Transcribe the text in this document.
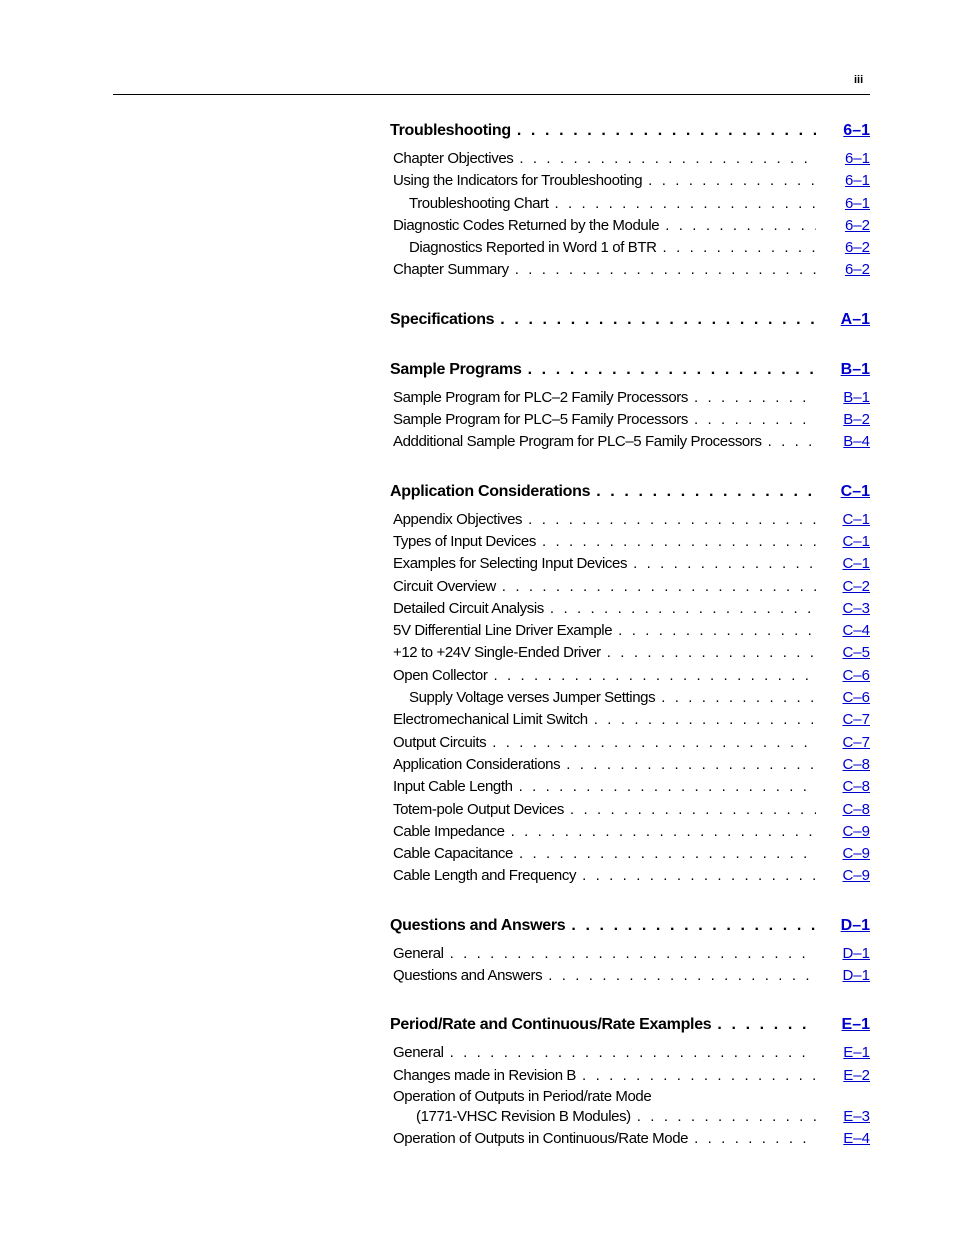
iii
Troubleshooting . . .	6–1
Chapter Objectives . . .	6–1
Using the Indicators for Troubleshooting . . .	6–1
Troubleshooting Chart . . .	6–1
Diagnostic Codes Returned by the Module . . .	6–2
Diagnostics Reported in Word 1 of BTR . . .	6–2
Chapter Summary . . .	6–2
Specifications . . .	A–1
Sample Programs . . .	B–1
Sample Program for PLC–2 Family Processors . . .	B–1
Sample Program for PLC–5 Family Processors . . .	B–2
Addditional Sample Program for PLC–5 Family Processors . . .	B–4
Application Considerations . . .	C–1
Appendix Objectives . . .	C–1
Types of Input Devices . . .	C–1
Examples for Selecting Input Devices . . .	C–1
Circuit Overview . . .	C–2
Detailed Circuit Analysis . . .	C–3
5V Differential Line Driver Example . . .	C–4
+12 to +24V Single-Ended Driver . . .	C–5
Open Collector . . .	C–6
Supply Voltage verses Jumper Settings . . .	C–6
Electromechanical Limit Switch . . .	C–7
Output Circuits . . .	C–7
Application Considerations . . .	C–8
Input Cable Length . . .	C–8
Totem-pole Output Devices . . .	C–8
Cable Impedance . . .	C–9
Cable Capacitance . . .	C–9
Cable Length and Frequency . . .	C–9
Questions and Answers . . .	D–1
General . . .	D–1
Questions and Answers . . .	D–1
Period/Rate and Continuous/Rate Examples . . .	E–1
General . . .	E–1
Changes made in Revision B . . .	E–2
Operation of Outputs in Period/rate Mode
(1771-VHSC Revision B Modules) . . .	E–3
Operation of Outputs in Continuous/Rate Mode . . .	E–4
